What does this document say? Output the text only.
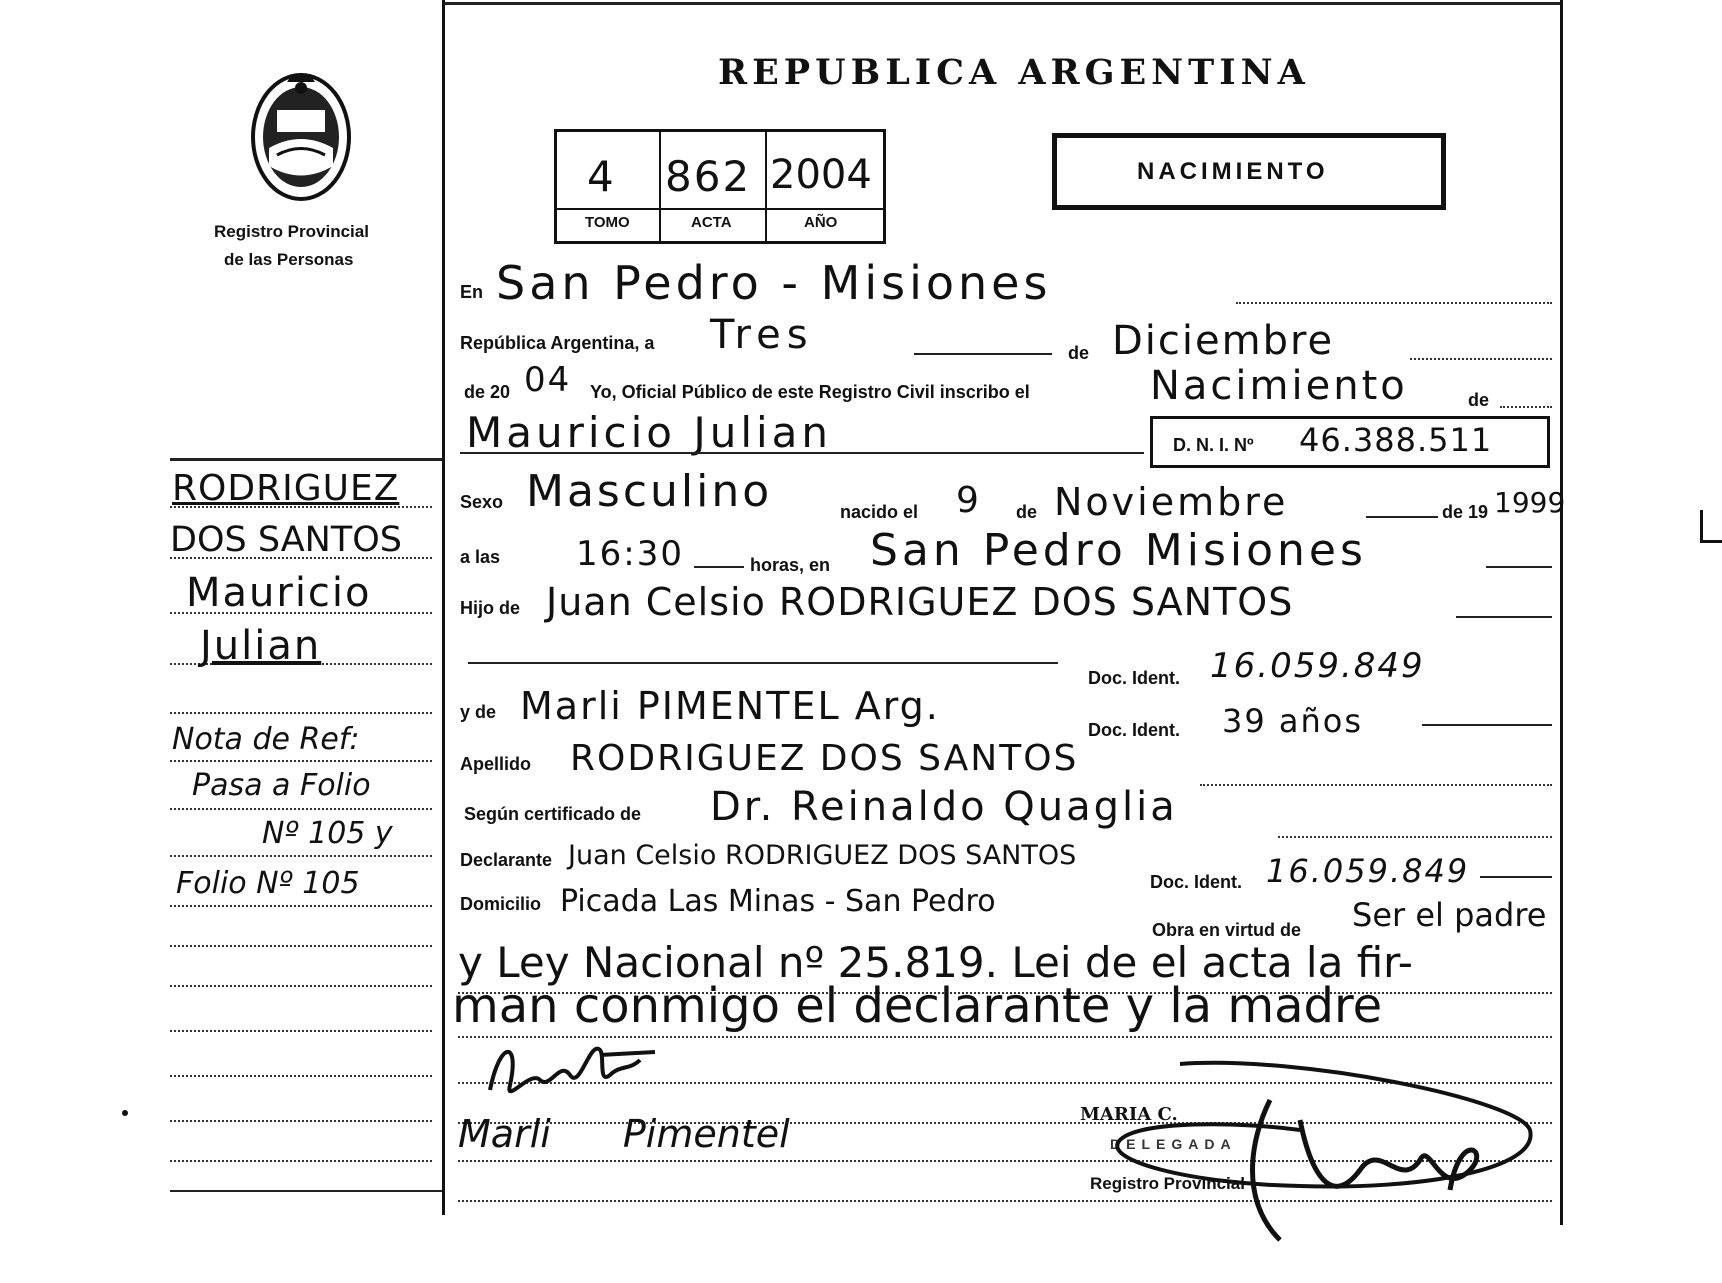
Registro Provincial
de las Personas
REPUBLICA ARGENTINA
4 862 2004
TOMO	ACTA	AÑO
NACIMIENTO
RODRIGUEZ
DOS SANTOS
Mauricio
Julian
Nota de Ref:
Pasa a Folio
Nº 105 y
Folio Nº 105
En San Pedro - Misiones
República Argentina, a Tres	de Diciembre
de 20 04 Yo, Oficial Público de este Registro Civil inscribo el	Nacimiento	de
Mauricio Julian	D. N. I. Nº 46.388.511
Sexo Masculino	nacido el 9 de Noviembre	de 19 1999
a las 16:30	horas, en San Pedro Misiones
Hijo de Juan Celsio RODRIGUEZ DOS SANTOS
Doc. Ident. 16.059.849
y de Marli PIMENTEL Arg.
Doc. Ident. 39 años
Apellido RODRIGUEZ DOS SANTOS
Según certificado de Dr. Reinaldo Quaglia
Declarante Juan Celsio RODRIGUEZ DOS SANTOS
Doc. Ident. 16.059.849
Domicilio Picada Las Minas - San Pedro
Obra en virtud de Ser el padre
y Ley Nacional nº 25.819. Lei de el acta la fir-
man conmigo el declarante y la madre
Marli Pimentel	MARIA C.
DELEGADA
Registro Provincial
